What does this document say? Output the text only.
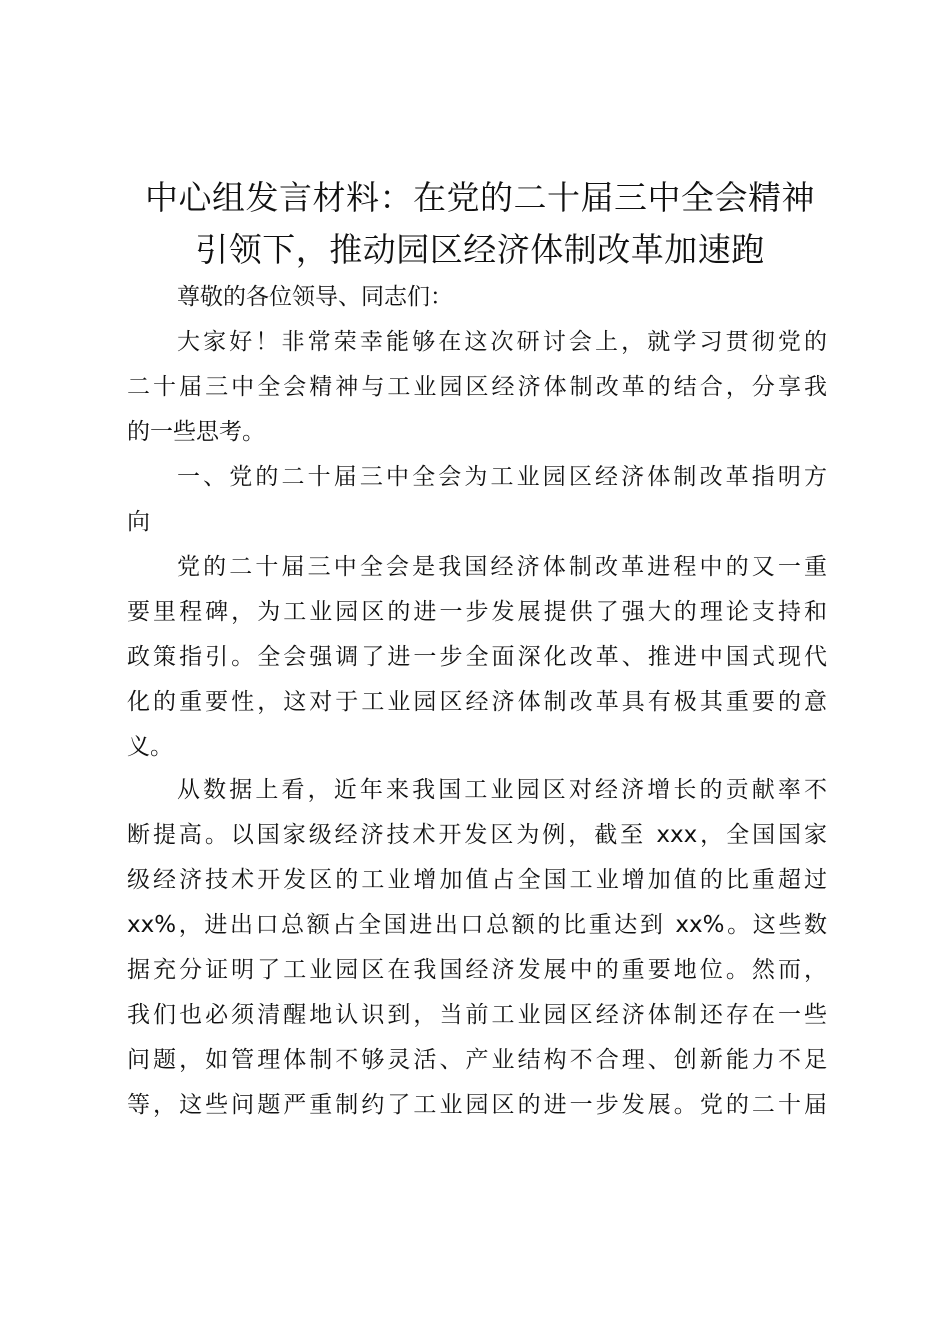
中心组发言材料：在党的二十届三中全会精神
引领下，推动园区经济体制改革加速跑
尊敬的各位领导、同志们：
大家好！非常荣幸能够在这次研讨会上，就学习贯彻党的
二十届三中全会精神与工业园区经济体制改革的结合，分享我
的一些思考。
一、党的二十届三中全会为工业园区经济体制改革指明方
向
党的二十届三中全会是我国经济体制改革进程中的又一重
要里程碑，为工业园区的进一步发展提供了强大的理论支持和
政策指引。全会强调了进一步全面深化改革、推进中国式现代
化的重要性，这对于工业园区经济体制改革具有极其重要的意
义。
从数据上看，近年来我国工业园区对经济增长的贡献率不
断提高。以国家级经济技术开发区为例，截至 xxx，全国国家
级经济技术开发区的工业增加值占全国工业增加值的比重超过
xx%，进出口总额占全国进出口总额的比重达到 xx%。这些数
据充分证明了工业园区在我国经济发展中的重要地位。然而，
我们也必须清醒地认识到，当前工业园区经济体制还存在一些
问题，如管理体制不够灵活、产业结构不合理、创新能力不足
等，这些问题严重制约了工业园区的进一步发展。党的二十届
